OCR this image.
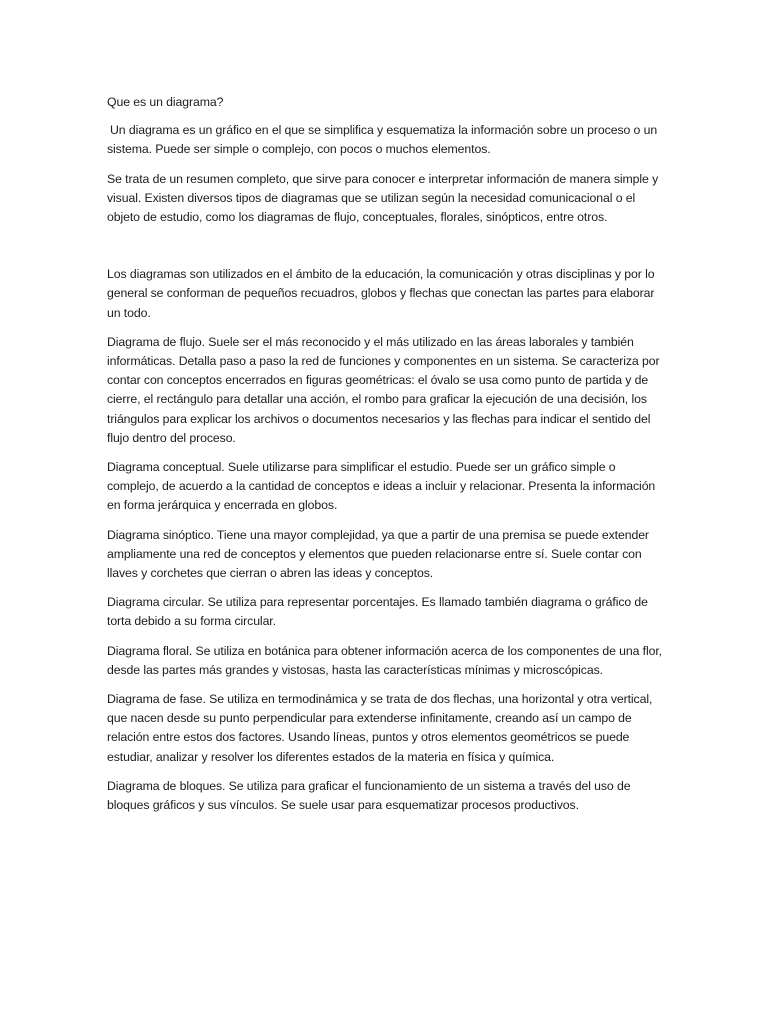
Que es un diagrama?

Un diagrama es un gráfico en el que se simplifica y esquematiza la información sobre un proceso o un sistema. Puede ser simple o complejo, con pocos o muchos elementos.

Se trata de un resumen completo, que sirve para conocer e interpretar información de manera simple y visual. Existen diversos tipos de diagramas que se utilizan según la necesidad comunicacional o el objeto de estudio, como los diagramas de flujo, conceptuales, florales, sinópticos, entre otros.

Los diagramas son utilizados en el ámbito de la educación, la comunicación y otras disciplinas y por lo general se conforman de pequeños recuadros, globos y flechas que conectan las partes para elaborar un todo.

Diagrama de flujo. Suele ser el más reconocido y el más utilizado en las áreas laborales y también informáticas. Detalla paso a paso la red de funciones y componentes en un sistema. Se caracteriza por contar con conceptos encerrados en figuras geométricas: el óvalo se usa como punto de partida y de cierre, el rectángulo para detallar una acción, el rombo para graficar la ejecución de una decisión, los triángulos para explicar los archivos o documentos necesarios y las flechas para indicar el sentido del flujo dentro del proceso.

Diagrama conceptual. Suele utilizarse para simplificar el estudio. Puede ser un gráfico simple o complejo, de acuerdo a la cantidad de conceptos e ideas a incluir y relacionar. Presenta la información en forma jerárquica y encerrada en globos.

Diagrama sinóptico. Tiene una mayor complejidad, ya que a partir de una premisa se puede extender ampliamente una red de conceptos y elementos que pueden relacionarse entre sí. Suele contar con llaves y corchetes que cierran o abren las ideas y conceptos.

Diagrama circular. Se utiliza para representar porcentajes. Es llamado también diagrama o gráfico de torta debido a su forma circular.

Diagrama floral. Se utiliza en botánica para obtener información acerca de los componentes de una flor, desde las partes más grandes y vistosas, hasta las características mínimas y microscópicas.

Diagrama de fase. Se utiliza en termodinámica y se trata de dos flechas, una horizontal y otra vertical, que nacen desde su punto perpendicular para extenderse infinitamente, creando así un campo de relación entre estos dos factores. Usando líneas, puntos y otros elementos geométricos se puede estudiar, analizar y resolver los diferentes estados de la materia en física y química.

Diagrama de bloques. Se utiliza para graficar el funcionamiento de un sistema a través del uso de bloques gráficos y sus vínculos. Se suele usar para esquematizar procesos productivos.
